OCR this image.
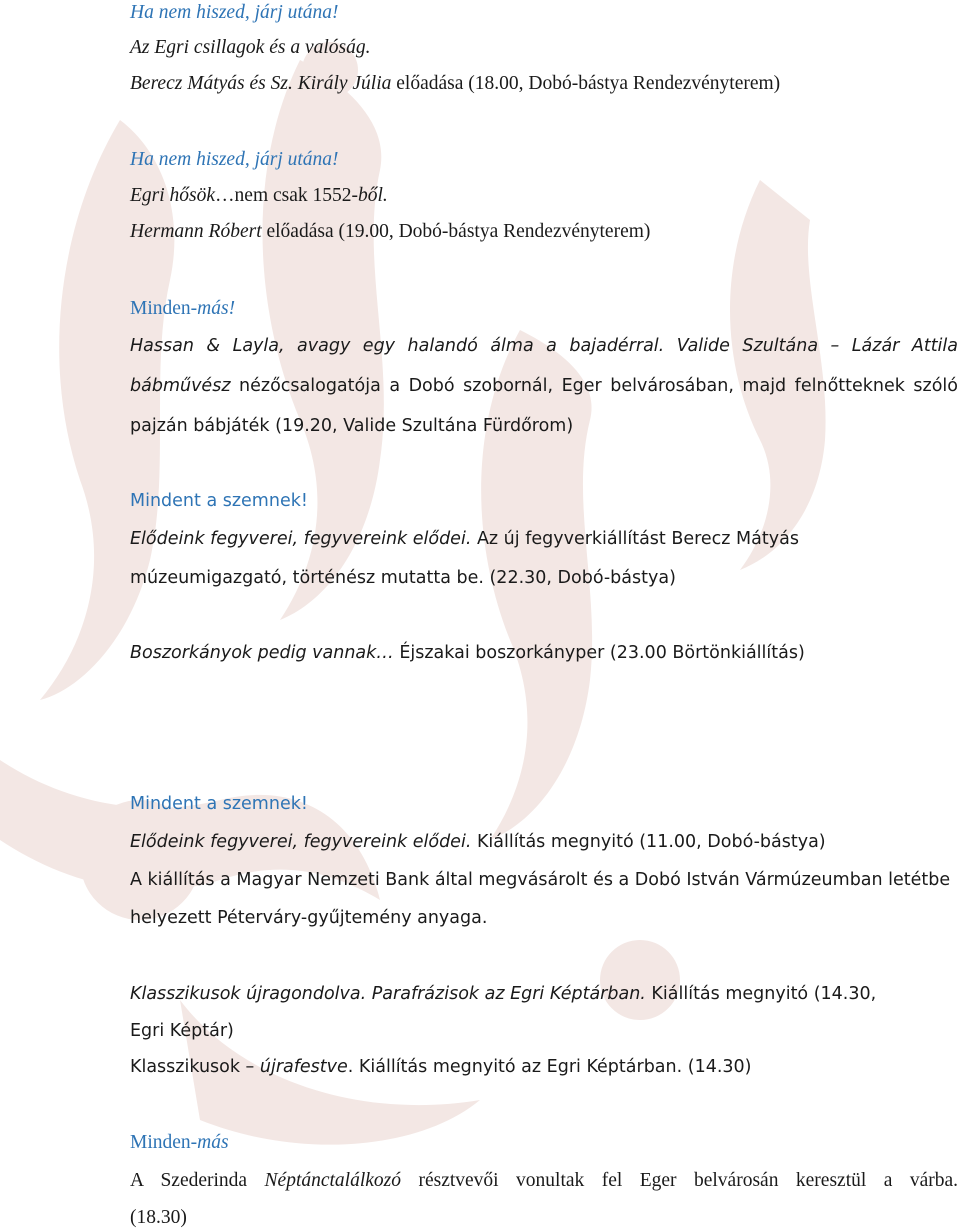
Ha nem hiszed, járj utána!
Az Egri csillagok és a valóság.
Berecz Mátyás és Sz. Király Júlia előadása (18.00, Dobó-bástya Rendezvényterem)
Ha nem hiszed, járj utána!
Egri hősök…nem csak 1552-ből.
Hermann Róbert előadása (19.00, Dobó-bástya Rendezvényterem)
Minden-más!
Hassan & Layla, avagy egy halandó álma a bajadérral. Valide Szultána – Lázár Attila
bábművész nézőcsalogatója a Dobó szobornál, Eger belvárosában, majd felnőtteknek szóló
pajzán bábjáték (19.20, Valide Szultána Fürdőrom)
Mindent a szemnek!
Elődeink fegyverei, fegyvereink elődei. Az új fegyverkiállítást Berecz Mátyás
múzeumigazgató, történész mutatta be. (22.30, Dobó-bástya)
Boszorkányok pedig vannak… Éjszakai boszorkányper (23.00 Börtönkiállítás)
Mindent a szemnek!
Elődeink fegyverei, fegyvereink elődei. Kiállítás megnyitó (11.00, Dobó-bástya)
A kiállítás a Magyar Nemzeti Bank által megvásárolt és a Dobó István Vármúzeumban letétbe
helyezett Péterváry-gyűjtemény anyaga.
Klasszikusok újragondolva. Parafrázisok az Egri Képtárban. Kiállítás megnyitó (14.30,
Egri Képtár)
Klasszikusok – újrafestve. Kiállítás megnyitó az Egri Képtárban. (14.30)
Minden-más
A Szederinda Néptánctalálkozó résztvevői vonultak fel Eger belvárosán keresztül a várba.
(18.30)
